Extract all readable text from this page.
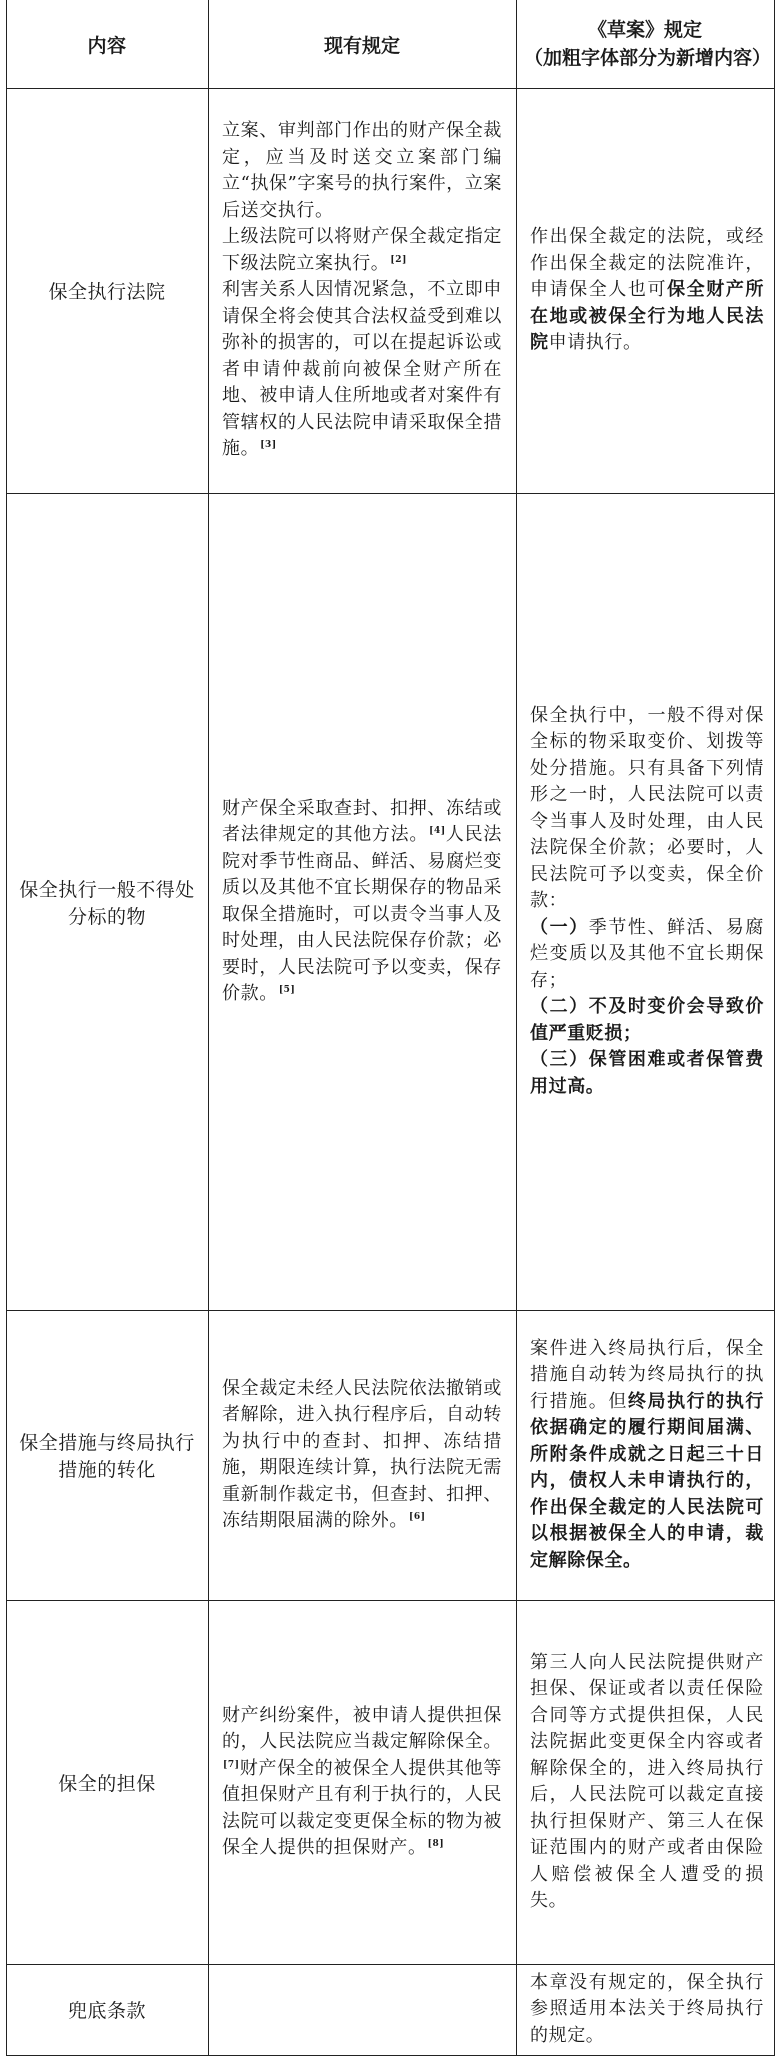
内容	现有规定
《草案》规定
（加粗字体部分为新增内容）
保全执行法院

立案、审判部门作出的财产保全裁定，应当及时送交立案部门编立“执保”字案号的执行案件，立案后送交执行。

上级法院可以将财产保全裁定指定下级法院立案执行。[2]

利害关系人因情况紧急，不立即申请保全将会使其合法权益受到难以弥补的损害的，可以在提起诉讼或者申请仲裁前向被保全财产所在地、被申请人住所地或者对案件有管辖权的人民法院申请采取保全措施。[3]

作出保全裁定的法院，或经作出保全裁定的法院准许，申请保全人也可保全财产所在地或被保全行为地人民法院申请执行。

保全执行一般不得处分标的物

财产保全采取查封、扣押、冻结或者法律规定的其他方法。[4]人民法院对季节性商品、鲜活、易腐烂变质以及其他不宜长期保存的物品采取保全措施时，可以责令当事人及时处理，由人民法院保存价款；必要时，人民法院可予以变卖，保存价款。[5]

保全执行中，一般不得对保全标的物采取变价、划拨等处分措施。只有具备下列情形之一时，人民法院可以责令当事人及时处理，由人民法院保全价款；必要时，人民法院可予以变卖，保全价款：

（一）季节性、鲜活、易腐烂变质以及其他不宜长期保存；

（二）不及时变价会导致价值严重贬损；

（三）保管困难或者保管费用过高。

保全措施与终局执行措施的转化

保全裁定未经人民法院依法撤销或者解除，进入执行程序后，自动转为执行中的查封、扣押、冻结措施，期限连续计算，执行法院无需重新制作裁定书，但查封、扣押、冻结期限届满的除外。[6]

案件进入终局执行后，保全措施自动转为终局执行的执行措施。但终局执行的执行依据确定的履行期间届满、所附条件成就之日起三十日内，债权人未申请执行的，作出保全裁定的人民法院可以根据被保全人的申请，裁定解除保全。

保全的担保

财产纠纷案件，被申请人提供担保的，人民法院应当裁定解除保全。[7]财产保全的被保全人提供其他等值担保财产且有利于执行的，人民法院可以裁定变更保全标的物为被保全人提供的担保财产。[8]

第三人向人民法院提供财产担保、保证或者以责任保险合同等方式提供担保，人民法院据此变更保全内容或者解除保全的，进入终局执行后，人民法院可以裁定直接执行担保财产、第三人在保证范围内的财产或者由保险人赔偿被保全人遭受的损失。

兜底条款

本章没有规定的，保全执行参照适用本法关于终局执行的规定。
